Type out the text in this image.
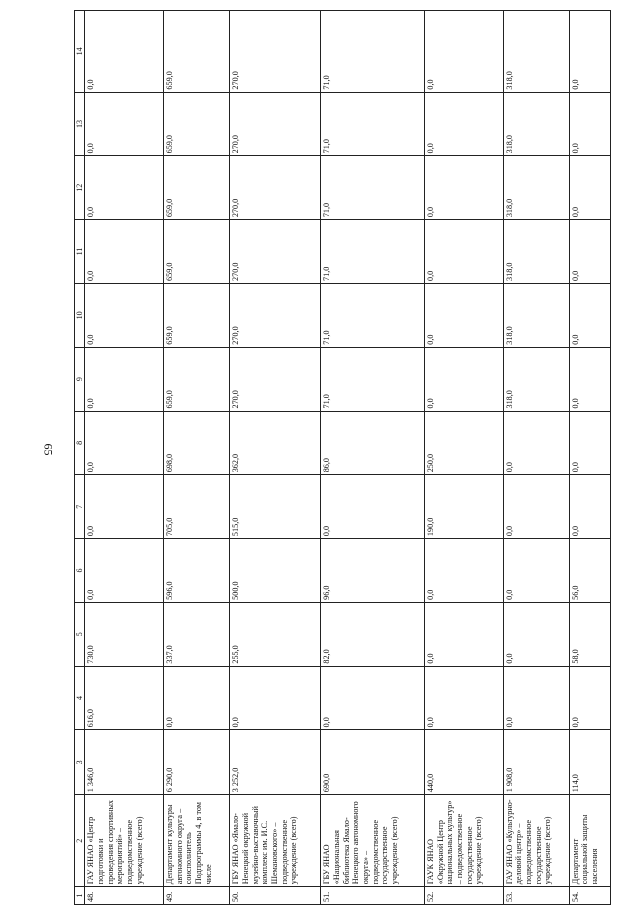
65
1	2	3	4	5	6	7	8	9	10	11	12	13	14
48.	ГАУ ЯНАО «Центр подготовки и проведения спортивных мероприятий» – подведомственное учреждение (всего)	1 346,0	616,0	730,0	0,0	0,0	0,0	0,0	0,0	0,0	0,0	0,0	0,0
49.	Департамент культуры автономного округа – соисполнитель Подпрограммы 4, в том числе	6 290,0	0,0	337,0	596,0	705,0	698,0	659,0	659,0	659,0	659,0	659,0	659,0
50.	ГБУ ЯНАО «Ямало-Ненецкий окружной музейно-выставочный комплекс им. И.С. Шемановского» – подведомственное учреждение (всего)	3 252,0	0,0	255,0	500,0	515,0	362,0	270,0	270,0	270,0	270,0	270,0	270,0
51.	ГБУ ЯНАО «Национальная библиотека Ямало-Ненецкого автономного округа» – подведомственное государственное учреждение (всего)	690,0	0,0	82,0	96,0	0,0	86,0	71,0	71,0	71,0	71,0	71,0	71,0
52.	ГАУК ЯНАО «Окружной Центр национальных культур» – подведомственное государственное учреждение (всего)	440,0	0,0	0,0	0,0	190,0	250,0	0,0	0,0	0,0	0,0	0,0	0,0
53.	ГАУ ЯНАО «Культурно-деловой центр» – подведомственное государственное учреждение (всего)	1 908,0	0,0	0,0	0,0	0,0	0,0	318,0	318,0	318,0	318,0	318,0	318,0
54.	Департамент социальной защиты населения	114,0	0,0	58,0	56,0	0,0	0,0	0,0	0,0	0,0	0,0	0,0	0,0
